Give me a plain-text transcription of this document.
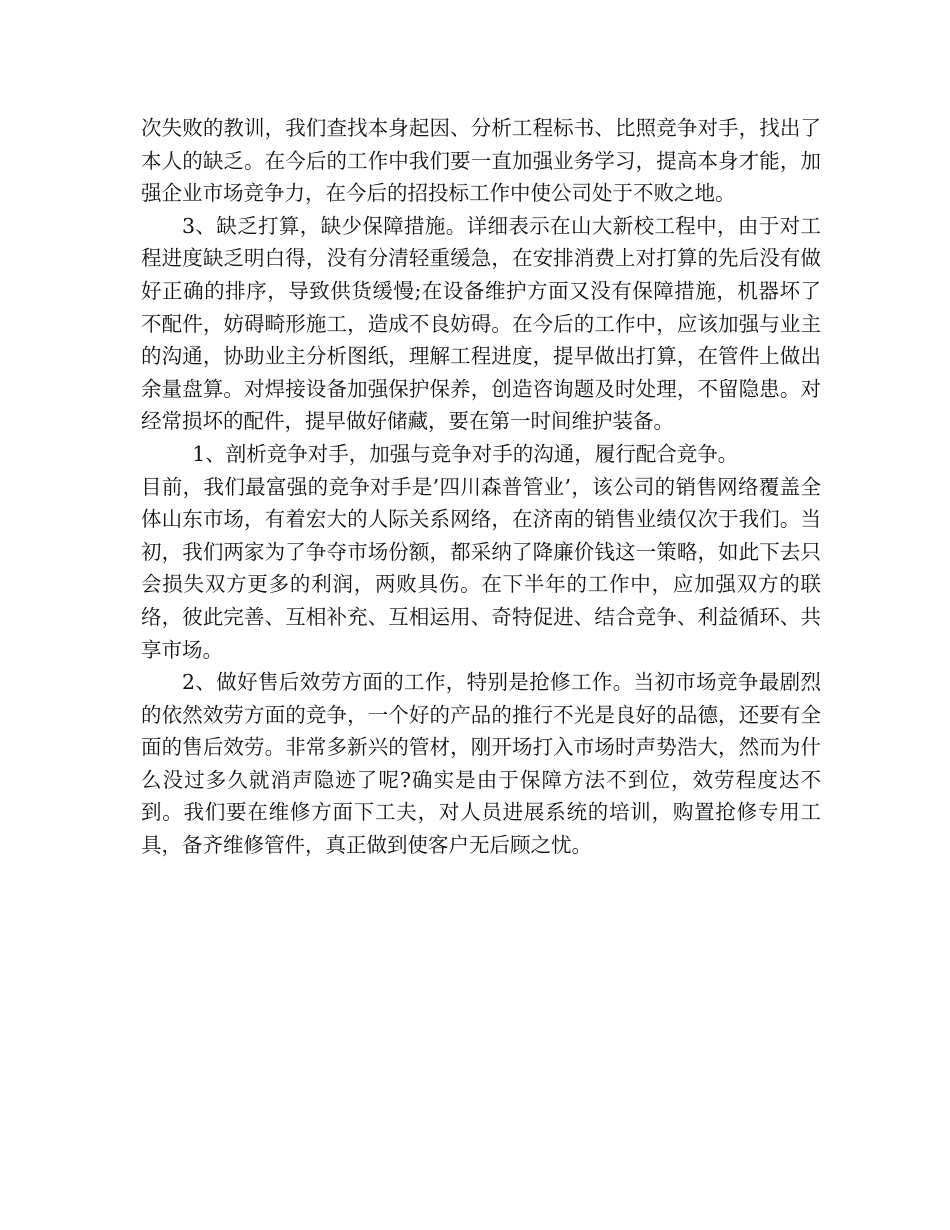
次失败的教训，我们查找本身起因、分析工程标书、比照竞争对手，找出了本人的缺乏。在今后的工作中我们要一直加强业务学习，提高本身才能，加强企业市场竞争力，在今后的招投标工作中使公司处于不败之地。

3、缺乏打算，缺少保障措施。详细表示在山大新校工程中，由于对工程进度缺乏明白得，没有分清轻重缓急，在安排消费上对打算的先后没有做好正确的排序，导致供货缓慢;在设备维护方面又没有保障措施，机器坏了不配件，妨碍畸形施工，造成不良妨碍。在今后的工作中，应该加强与业主的沟通，协助业主分析图纸，理解工程进度，提早做出打算，在管件上做出余量盘算。对焊接设备加强保护保养，创造咨询题及时处理，不留隐患。对经常损坏的配件，提早做好储藏，要在第一时间维护装备。

1、剖析竞争对手，加强与竞争对手的沟通，履行配合竞争。

目前，我们最富强的竞争对手是’四川森普管业’，该公司的销售网络覆盖全体山东市场，有着宏大的人际关系网络，在济南的销售业绩仅次于我们。当初，我们两家为了争夺市场份额，都采纳了降廉价钱这一策略，如此下去只会损失双方更多的利润，两败具伤。在下半年的工作中，应加强双方的联络，彼此完善、互相补充、互相运用、奇特促进、结合竞争、利益循环、共享市场。

2、做好售后效劳方面的工作，特别是抢修工作。当初市场竞争最剧烈的依然效劳方面的竞争，一个好的产品的推行不光是良好的品德，还要有全面的售后效劳。非常多新兴的管材，刚开场打入市场时声势浩大，然而为什么没过多久就消声隐迹了呢?确实是由于保障方法不到位，效劳程度达不到。我们要在维修方面下工夫，对人员进展系统的培训，购置抢修专用工具，备齐维修管件，真正做到使客户无后顾之忧。
